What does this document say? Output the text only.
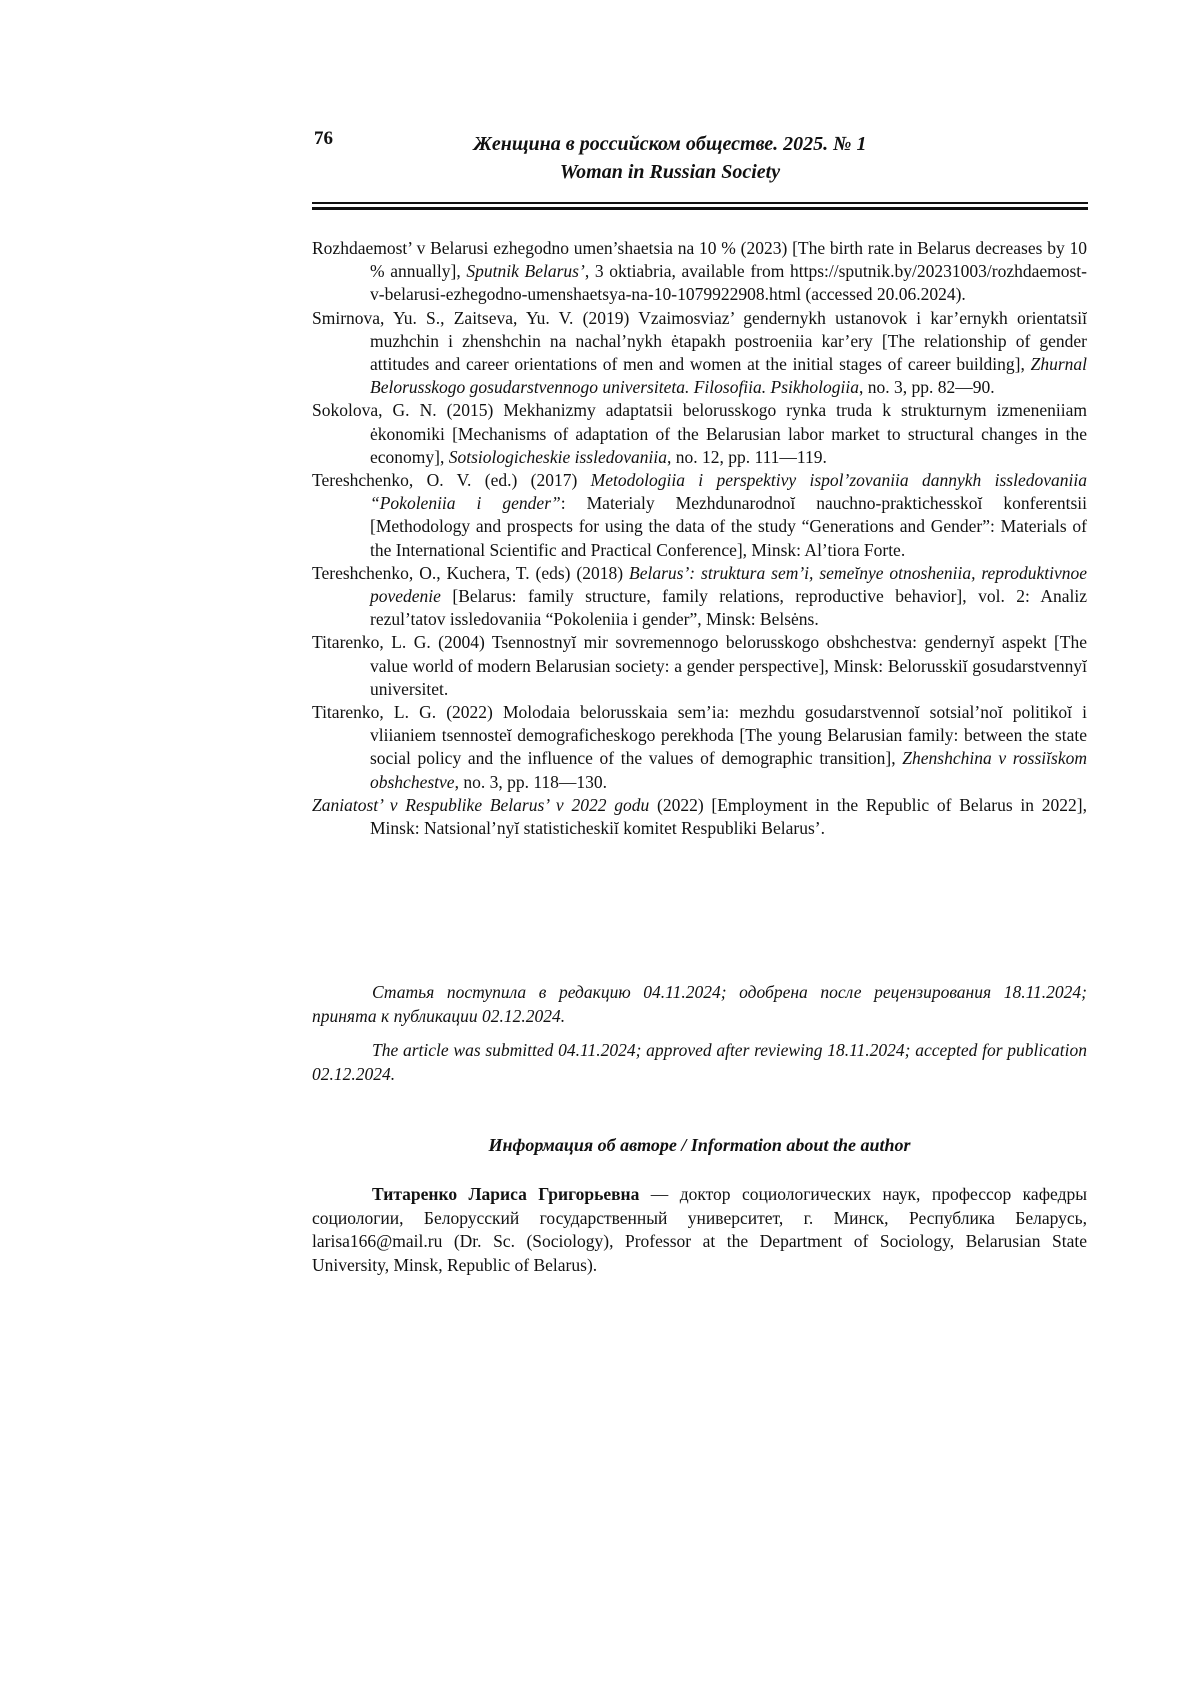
76	Женщина в российском обществе. 2025. № 1
Woman in Russian Society
Rozhdaemost’ v Belarusi ezhegodno umen’shaetsia na 10 % (2023) [The birth rate in Belarus decreases by 10 % annually], Sputnik Belarus’, 3 oktiabria, available from https://sputnik.by/20231003/rozhdaemost-v-belarusi-ezhegodno-umenshaetsya-na-10-1079922908.html (accessed 20.06.2024).
Smirnova, Yu. S., Zaitseva, Yu. V. (2019) Vzaimosviaz’ gendernykh ustanovok i kar’ernykh orientatsiĭ muzhchin i zhenshchin na nachal’nykh ėtapakh postroeniia kar’ery [The relationship of gender attitudes and career orientations of men and women at the initial stages of career building], Zhurnal Belorusskogo gosudarstvennogo universiteta. Filosofiia. Psikhologiia, no. 3, pp. 82—90.
Sokolova, G. N. (2015) Mekhanizmy adaptatsii belorusskogo rynka truda k strukturnym izmeneniiam ėkonomiki [Mechanisms of adaptation of the Belarusian labor market to structural changes in the economy], Sotsiologicheskie issledovaniia, no. 12, pp. 111—119.
Tereshchenko, O. V. (ed.) (2017) Metodologiia i perspektivy ispol’zovaniia dannykh issledovaniia “Pokoleniia i gender”: Materialy Mezhdunarodnoĭ nauchno-praktichesskoĭ konferentsii [Methodology and prospects for using the data of the study “Generations and Gender”: Materials of the International Scientific and Practical Conference], Minsk: Al’tiora Forte.
Tereshchenko, O., Kuchera, T. (eds) (2018) Belarus’: struktura sem’i, semeĭnye otnosheniia, reproduktivnoe povedenie [Belarus: family structure, family relations, reproductive behavior], vol. 2: Analiz rezul’tatov issledovaniia “Pokoleniia i gender”, Minsk: Belsėns.
Titarenko, L. G. (2004) Tsennostnyĭ mir sovremennogo belorusskogo obshchestva: gendernyĭ aspekt [The value world of modern Belarusian society: a gender perspective], Minsk: Belorusskiĭ gosudarstvennyĭ universitet.
Titarenko, L. G. (2022) Molodaia belorusskaia sem’ia: mezhdu gosudarstvennoĭ sotsial’noĭ politikoĭ i vliianiem tsennosteĭ demograficheskogo perekhoda [The young Belarusian family: between the state social policy and the influence of the values of demographic transition], Zhenshchina v rossiĭskom obshchestve, no. 3, pp. 118—130.
Zaniatost’ v Respublike Belarus’ v 2022 godu (2022) [Employment in the Republic of Belarus in 2022], Minsk: Natsional’nyĭ statisticheskiĭ komitet Respubliki Belarus’.

Статья поступила в редакцию 04.11.2024; одобрена после рецензирования 18.11.2024; принята к публикации 02.12.2024.

The article was submitted 04.11.2024; approved after reviewing 18.11.2024; accepted for publication 02.12.2024.

Информация об авторе / Information about the author

Титаренко Лариса Григорьевна — доктор социологических наук, профессор кафедры социологии, Белорусский государственный университет, г. Минск, Республика Беларусь, larisa166@mail.ru (Dr. Sc. (Sociology), Professor at the Department of Sociology, Belarusian State University, Minsk, Republic of Belarus).
